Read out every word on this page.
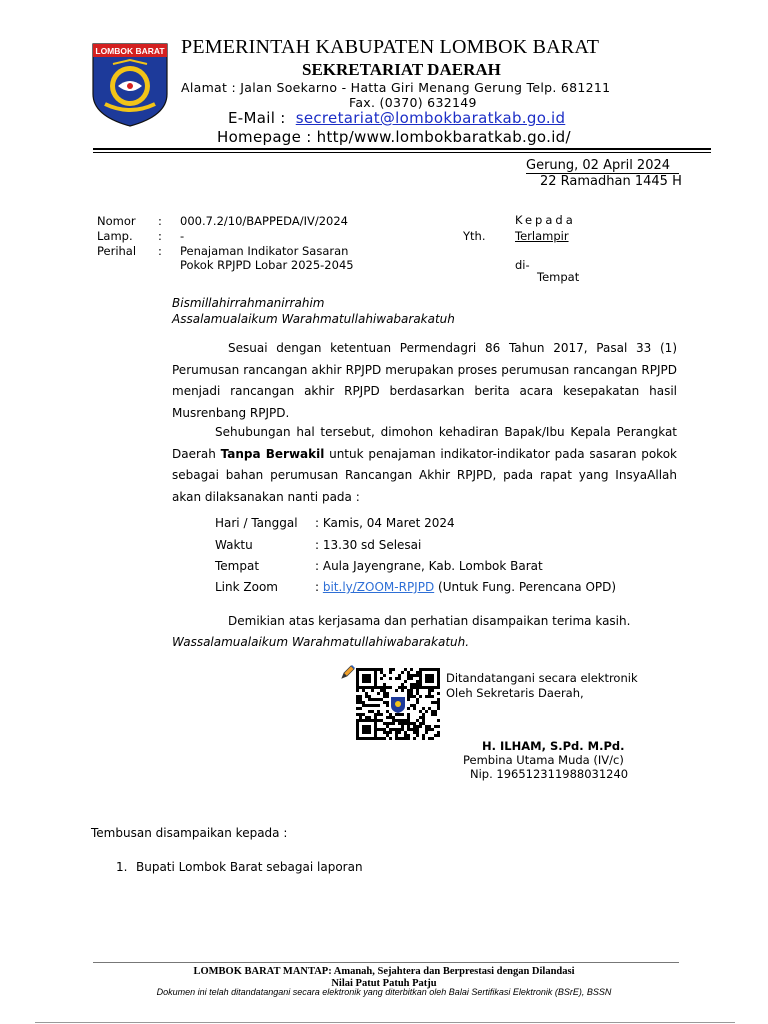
LOMBOK BARAT PEMERINTAH KABUPATEN LOMBOK BARAT
SEKRETARIAT DAERAH
Alamat : Jalan Soekarno - Hatta Giri Menang Gerung Telp. 681211
Fax. (0370) 632149
E-Mail : secretariat@lombokbaratkab.go.id
Homepage : http/www.lombokbaratkab.go.id/
Gerung, 02 April 2024
22 Ramadhan 1445 H
Nomor : 000.7.2/10/BAPPEDA/IV/2024
Lamp. : -
Perihal : Penajaman Indikator Sasaran
Pokok RPJPD Lobar 2025-2045
Kepada
Yth.	Terlampir
di-
Tempat
Bismillahirrahmanirrahim
Assalamualaikum Warahmatullahiwabarakatuh
Sesuai dengan ketentuan Permendagri 86 Tahun 2017, Pasal 33 (1) Perumusan rancangan akhir RPJPD merupakan proses perumusan rancangan RPJPD menjadi rancangan akhir RPJPD berdasarkan berita acara kesepakatan hasil Musrenbang RPJPD.
Sehubungan hal tersebut, dimohon kehadiran Bapak/Ibu Kepala Perangkat Daerah Tanpa Berwakil untuk penajaman indikator-indikator pada sasaran pokok sebagai bahan perumusan Rancangan Akhir RPJPD, pada rapat yang InsyaAllah akan dilaksanakan nanti pada :
Hari / Tanggal : Kamis, 04 Maret 2024
Waktu	: 13.30 sd Selesai
Tempat	: Aula Jayengrane, Kab. Lombok Barat
Link Zoom	: bit.ly/ZOOM-RPJPD (Untuk Fung. Perencana OPD)
Demikian atas kerjasama dan perhatian disampaikan terima kasih.
Wassalamualaikum Warahmatullahiwabarakatuh.
Ditandatangani secara elektronik
Oleh Sekretaris Daerah,
H. ILHAM, S.Pd. M.Pd.
Pembina Utama Muda (IV/c)
Nip. 196512311988031240
Tembusan disampaikan kepada :
1. Bupati Lombok Barat sebagai laporan
LOMBOK BARAT MANTAP: Amanah, Sejahtera dan Berprestasi dengan Dilandasi
Nilai Patut Patuh Patju
Dokumen ini telah ditandatangani secara elektronik yang diterbitkan oleh Balai Sertifikasi Elektronik (BSrE), BSSN
